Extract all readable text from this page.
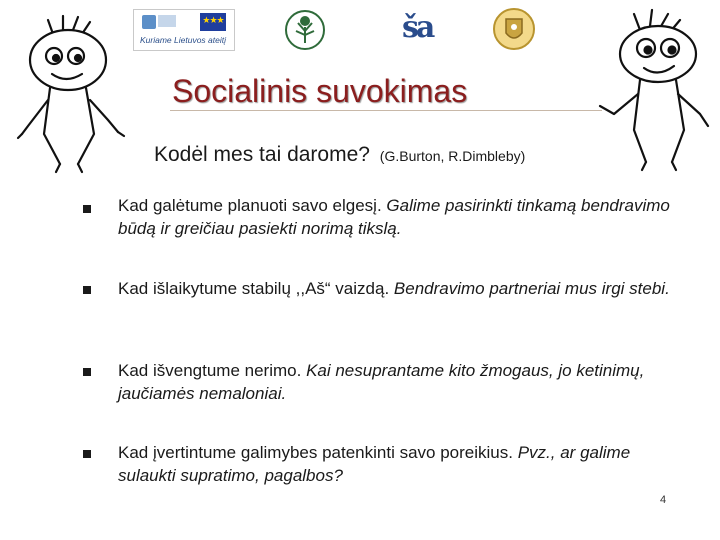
★★★
Kuriame Lietuvos ateitį	ša
Socialinis suvokimas
Kodėl mes tai darome? (G.Burton, R.Dimbleby)
Kad galėtume planuoti savo elgesį. Galime pasirinkti tinkamą bendravimo būdą ir greičiau pasiekti norimą tikslą.
Kad išlaikytume stabilų ,,Aš“ vaizdą. Bendravimo partneriai mus irgi stebi.
Kad išvengtume nerimo. Kai nesuprantame kito žmogaus, jo ketinimų, jaučiamės nemaloniai.
Kad įvertintume galimybes patenkinti savo poreikius. Pvz., ar galime sulaukti supratimo, pagalbos?
4
